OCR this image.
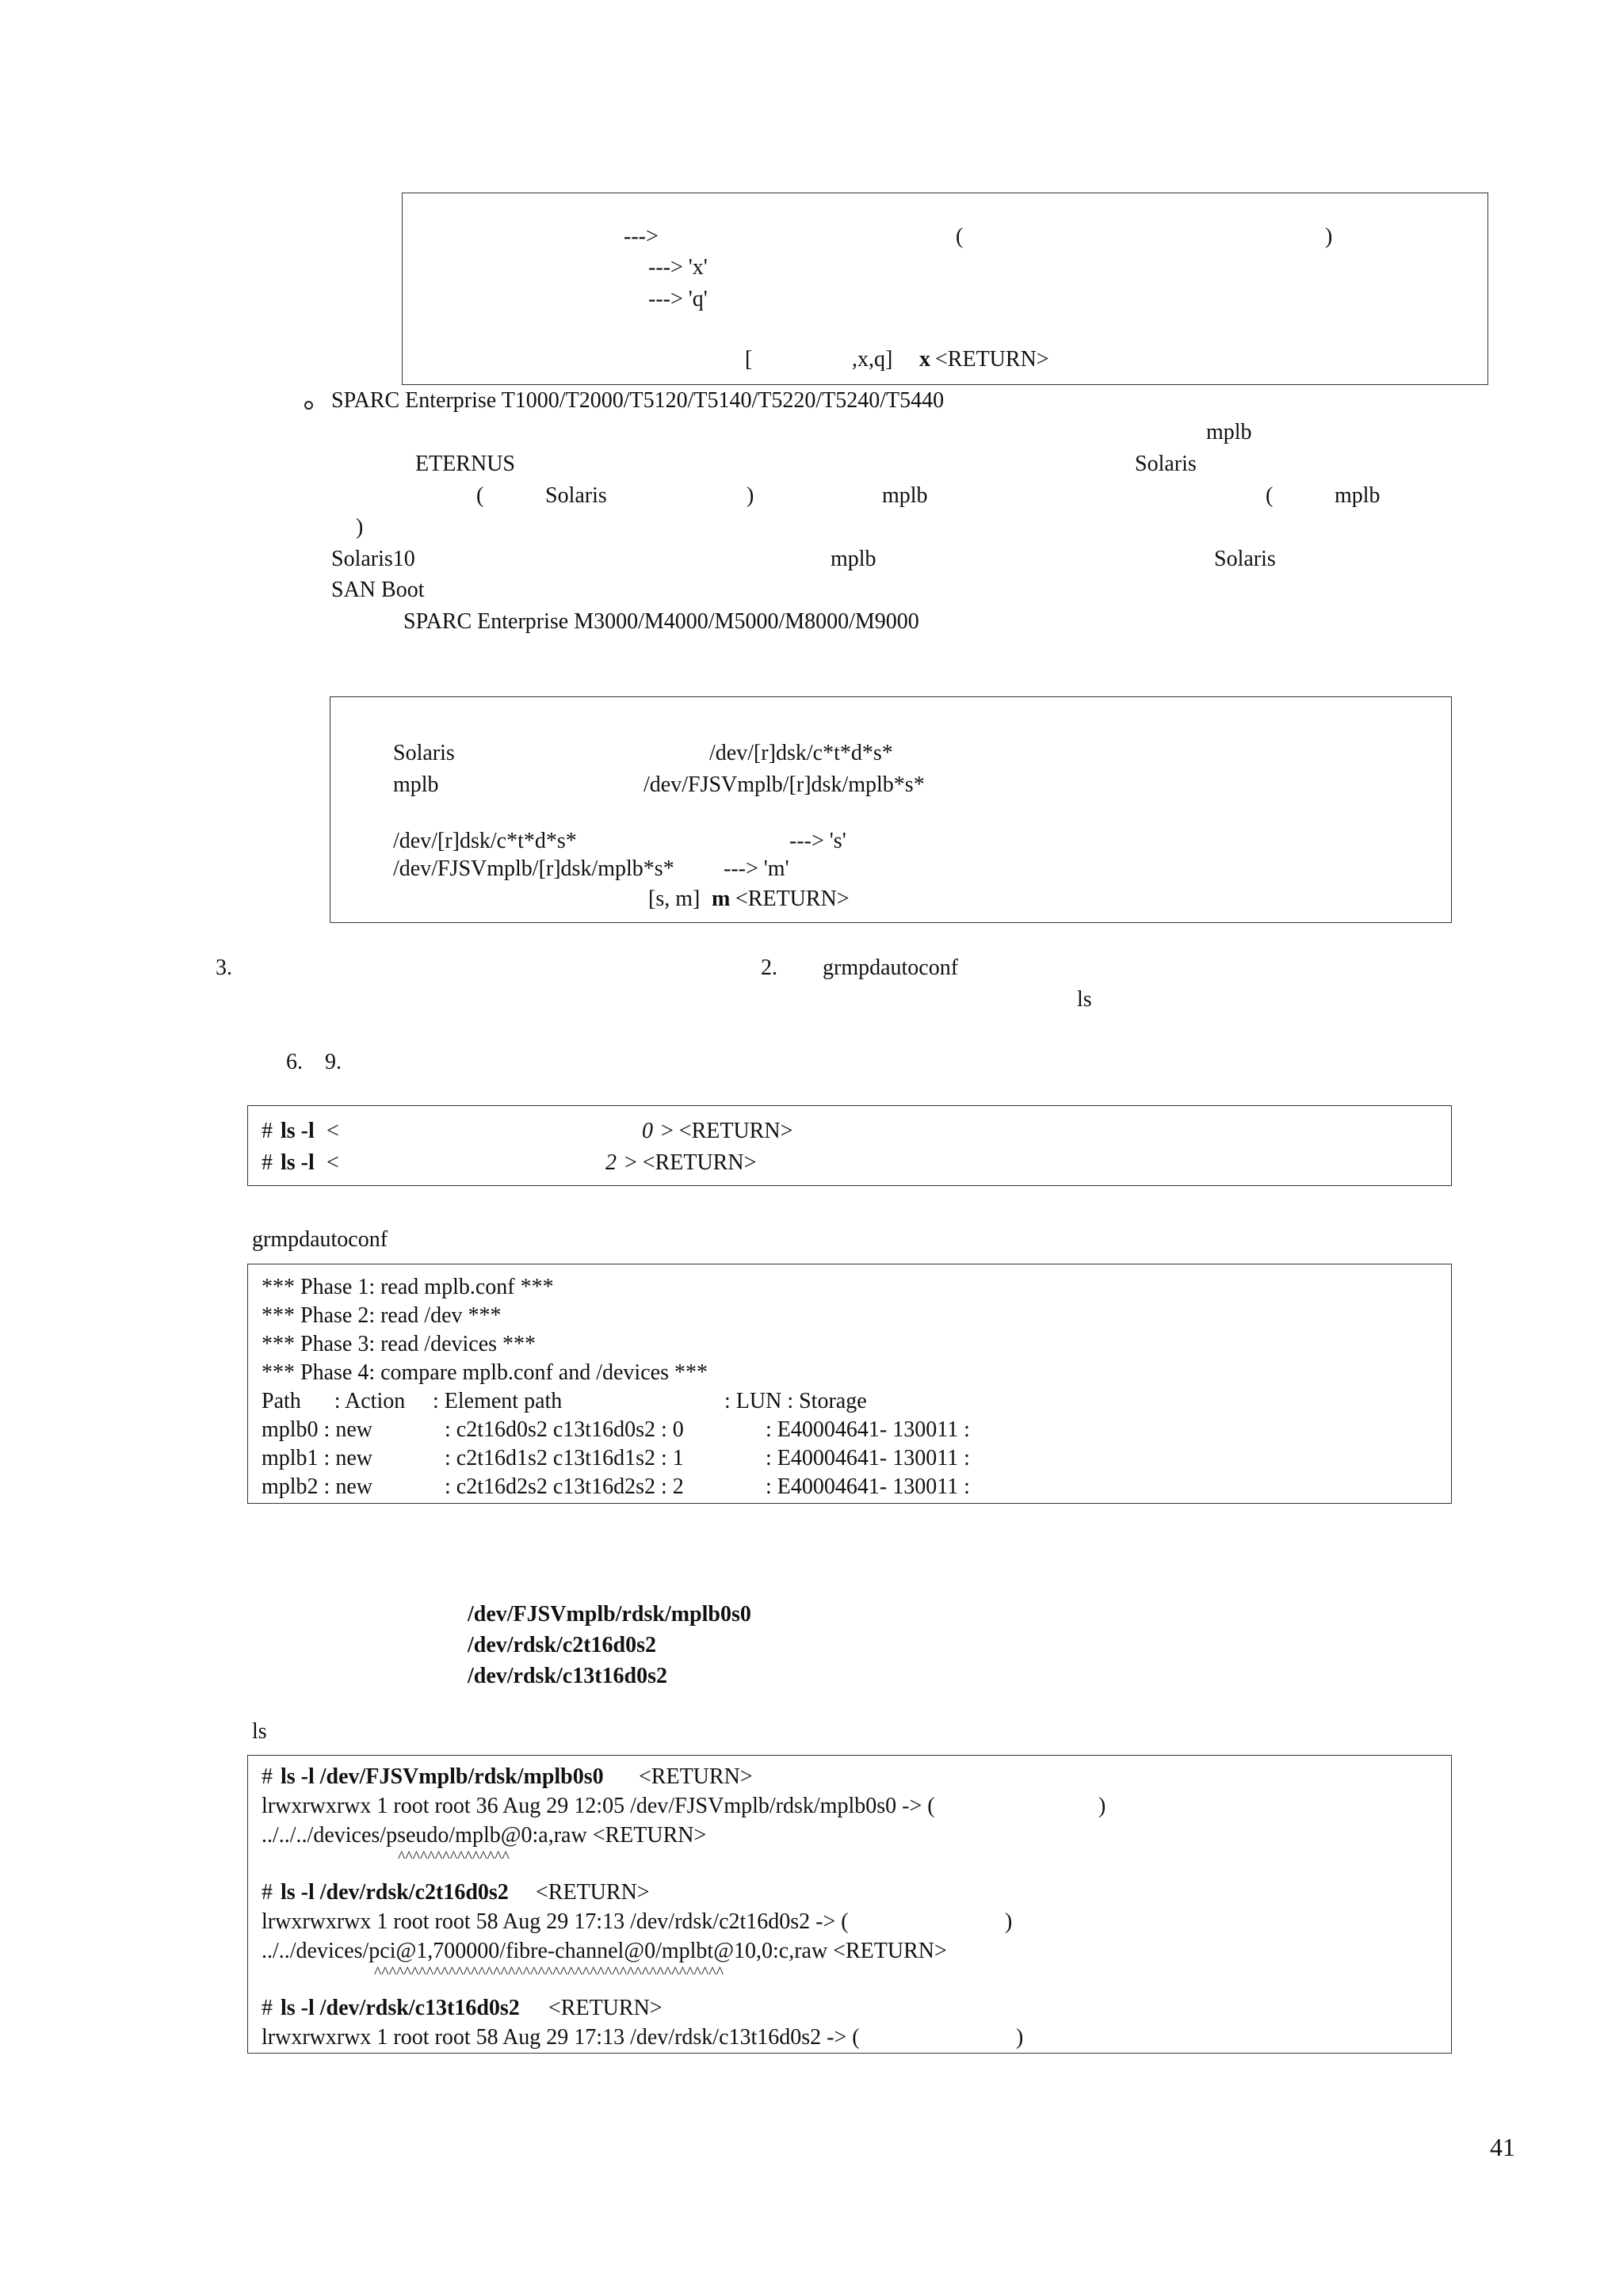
--->	(	)
---> 'x'
---> 'q'
[	,x,q] x <RETURN>
SPARC Enterprise T1000/T2000/T5120/T5140/T5220/T5240/T5440
mplb
ETERNUS	Solaris
(	Solaris	)	mplb	(	mplb
)
Solaris10	mplb	Solaris
SAN Boot
SPARC Enterprise M3000/M4000/M5000/M8000/M9000
Solaris	/dev/[r]dsk/c*t*d*s*
mplb	/dev/FJSVmplb/[r]dsk/mplb*s*
/dev/[r]dsk/c*t*d*s*	---> 's'
/dev/FJSVmplb/[r]dsk/mplb*s* ---> 'm'
[s, m] m <RETURN>
3.	2. grmpdautoconf
ls
6.    9.
# ls -l <	0 > <RETURN>
# ls -l <	2 > <RETURN>
grmpdautoconf
*** Phase 1: read mplb.conf ***
*** Phase 2: read /dev ***
*** Phase 3: read /devices ***
*** Phase 4: compare mplb.conf and /devices ***
Path      : Action : Element path	: LUN : Storage
mplb0 : new	: c2t16d0s2 c13t16d0s2 : 0	: E40004641- 130011 :
mplb1 : new	: c2t16d1s2 c13t16d1s2 : 1	: E40004641- 130011 :
mplb2 : new	: c2t16d2s2 c13t16d2s2 : 2	: E40004641- 130011 :
/dev/FJSVmplb/rdsk/mplb0s0
/dev/rdsk/c2t16d0s2
/dev/rdsk/c13t16d0s2
ls
# ls -l /dev/FJSVmplb/rdsk/mplb0s0 <RETURN>
lrwxrwxrwx 1 root root 36 Aug 29 12:05 /dev/FJSVmplb/rdsk/mplb0s0 -> (	)
../../../devices/pseudo/mplb@0:a,raw <RETURN>
^^^^^^^^^^^^^^^
# ls -l /dev/rdsk/c2t16d0s2 <RETURN>
lrwxrwxrwx 1 root root 58 Aug 29 17:13 /dev/rdsk/c2t16d0s2 -> (	)
../../devices/pci@1,700000/fibre-channel@0/mplbt@10,0:c,raw <RETURN>
^^^^^^^^^^^^^^^^^^^^^^^^^^^^^^^^^^^^^^^^^^^^^^^
# ls -l /dev/rdsk/c13t16d0s2 <RETURN>
lrwxrwxrwx 1 root root 58 Aug 29 17:13 /dev/rdsk/c13t16d0s2 -> (	)
41
